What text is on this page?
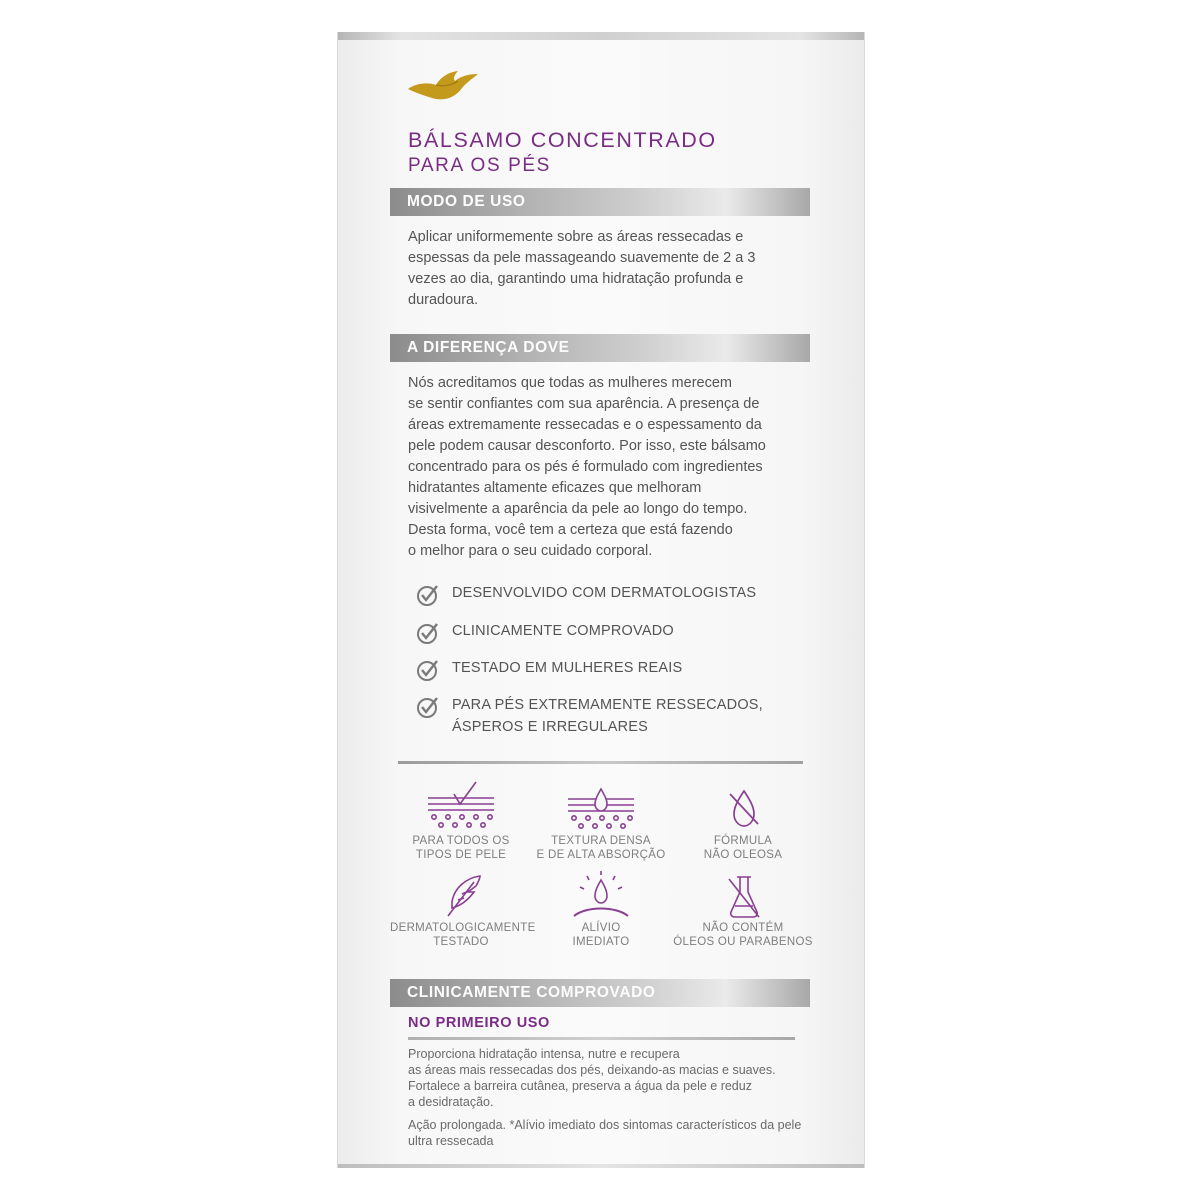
BÁLSAMO CONCENTRADO
PARA OS PÉS
MODO DE USO
Aplicar uniformemente sobre as áreas ressecadas e
espessas da pele massageando suavemente de 2 a 3
vezes ao dia, garantindo uma hidratação profunda e
duradoura.
A DIFERENÇA DOVE
Nós acreditamos que todas as mulheres merecem
se sentir confiantes com sua aparência. A presença de
áreas extremamente ressecadas e o espessamento da
pele podem causar desconforto. Por isso, este bálsamo
concentrado para os pés é formulado com ingredientes
hidratantes altamente eficazes que melhoram
visivelmente a aparência da pele ao longo do tempo.
Desta forma, você tem a certeza que está fazendo
o melhor para o seu cuidado corporal.
DESENVOLVIDO COM DERMATOLOGISTAS
CLINICAMENTE COMPROVADO
TESTADO EM MULHERES REAIS
PARA PÉS EXTREMAMENTE RESSECADOS,
ÁSPEROS E IRREGULARES
PARA TODOS OS
TIPOS DE PELE
TEXTURA DENSA
E DE ALTA ABSORÇÃO
FÓRMULA
NÃO OLEOSA
DERMATOLOGICAMENTE
TESTADO
ALÍVIO
IMEDIATO
NÃO CONTÉM
ÓLEOS OU PARABENOS
CLINICAMENTE COMPROVADO
NO PRIMEIRO USO
Proporciona hidratação intensa, nutre e recupera
as áreas mais ressecadas dos pés, deixando-as macias e suaves.
Fortalece a barreira cutânea, preserva a água da pele e reduz
a desidratação.
Ação prolongada. *Alívio imediato dos sintomas característicos da pele
ultra ressecada
